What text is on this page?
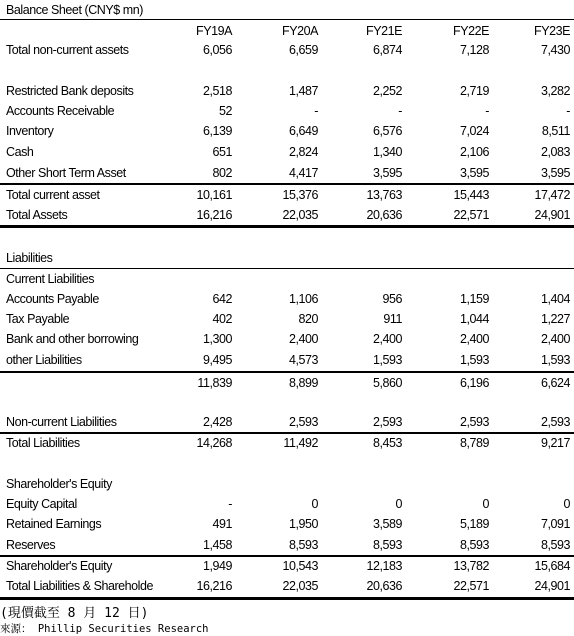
Balance Sheet (CNY$ mn)
FY19A	FY20A	FY21E	FY22E	FY23E
Total non-current assets	6,056	6,659	6,874	7,128	7,430
Restricted Bank deposits	2,518	1,487	2,252	2,719	3,282
Accounts Receivable	52	-	-	-	-
Inventory	6,139	6,649	6,576	7,024	8,511
Cash	651	2,824	1,340	2,106	2,083
Other Short Term Asset	802	4,417	3,595	3,595	3,595
Total current asset	10,161	15,376	13,763	15,443	17,472
Total Assets	16,216	22,035	20,636	22,571	24,901
Liabilities
Current Liabilities
Accounts Payable	642	1,106	956	1,159	1,404
Tax Payable	402	820	911	1,044	1,227
Bank and other borrowing	1,300	2,400	2,400	2,400	2,400
other Liabilities	9,495	4,573	1,593	1,593	1,593
11,839	8,899	5,860	6,196	6,624
Non-current Liabilities	2,428	2,593	2,593	2,593	2,593
Total Liabilities	14,268	11,492	8,453	8,789	9,217
Shareholder's Equity
Equity Capital	-	0	0	0	0
Retained Earnings	491	1,950	3,589	5,189	7,091
Reserves	1,458	8,593	8,593	8,593	8,593
Shareholder's Equity	1,949	10,543	12,183	13,782	15,684
Total Liabilities & Shareholde	16,216	22,035	20,636	22,571	24,901
(現價截至 8 月 12 日)
來源： Phillip Securities Research
